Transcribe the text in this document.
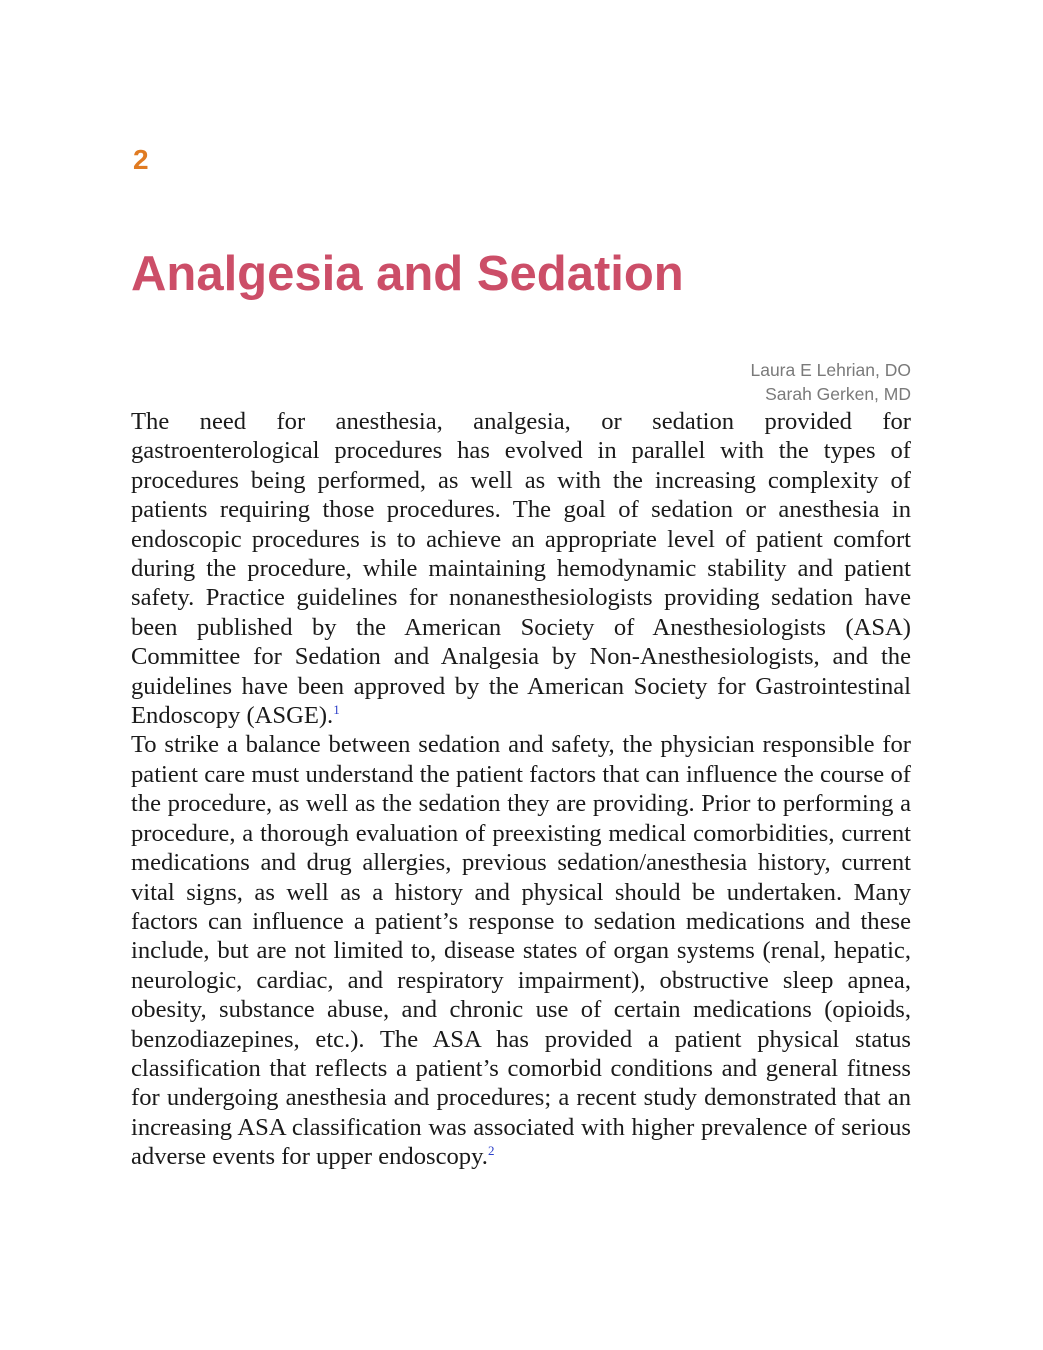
2
Analgesia and Sedation
Laura E Lehrian, DO
Sarah Gerken, MD

The need for anesthesia, analgesia, or sedation provided for gastroenterological procedures has evolved in parallel with the types of procedures being performed, as well as with the increasing complexity of patients requiring those procedures. The goal of sedation or anesthesia in endoscopic procedures is to achieve an appropriate level of patient comfort during the procedure, while maintaining hemodynamic stability and patient safety. Practice guidelines for nonanesthesiologists providing sedation have been published by the American Society of Anesthesiologists (ASA) Committee for Sedation and Analgesia by Non-Anesthesiologists, and the guidelines have been approved by the American Society for Gastrointestinal Endoscopy (ASGE).$^1$

To strike a balance between sedation and safety, the physician responsible for patient care must understand the patient factors that can influence the course of the procedure, as well as the sedation they are providing. Prior to performing a procedure, a thorough evaluation of preexisting medical comorbidities, current medications and drug allergies, previous sedation/anesthesia history, current vital signs, as well as a history and physical should be undertaken. Many factors can influence a patient’s response to sedation medications and these include, but are not limited to, disease states of organ systems (renal, hepatic, neurologic, cardiac, and respiratory impairment), obstructive sleep apnea, obesity, substance abuse, and chronic use of certain medications (opioids, benzodiazepines, etc.). The ASA has provided a patient physical status classification that reflects a patient’s comorbid conditions and general fitness for undergoing anesthesia and procedures; a recent study demonstrated that an increasing ASA classification was associated with higher prevalence of serious adverse events for upper endoscopy.$^2$
